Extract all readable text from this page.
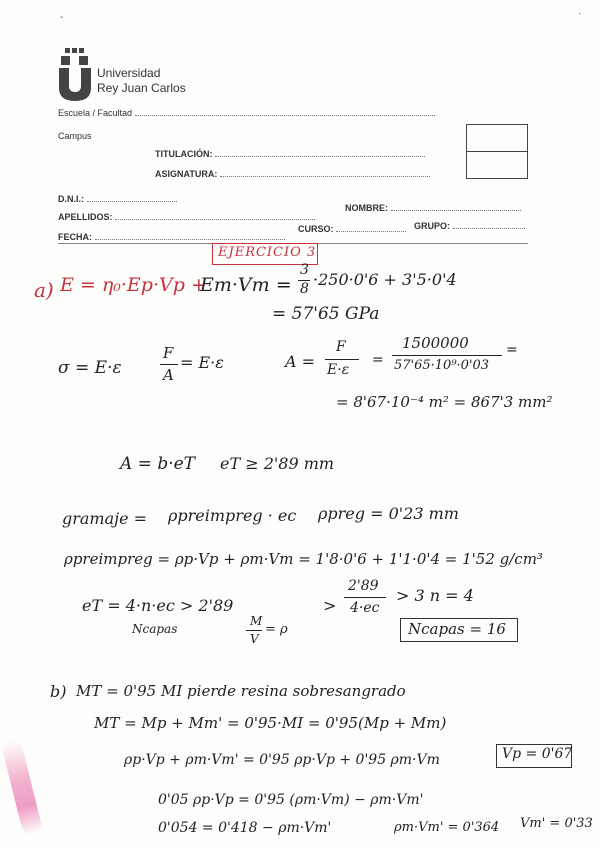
-	·
Universidad
Rey Juan Carlos
Escuela / Facultad
Campus
TITULACIÓN:
ASIGNATURA:
D.N.I.:
NOMBRE:
APELLIDOS:
CURSO:	GRUPO:
FECHA:
EJERCICIO 3
a) E = η₀·Ep·Vp +
Em·Vm =
3
8 ·250·0'6 + 3'5·0'4
= 57'65 GPa
σ = E·ε
F
A
= E·ε	A =
F
E·ε
=
1500000
57'65·10⁹·0'03
=
= 8'67·10⁻⁴ m² = 867'3 mm²
A = b·eT eT ≥ 2'89 mm
gramaje = ρpreimpreg · ec ρpreg = 0'23 mm
ρpreimpreg = ρp·Vp + ρm·Vm = 1'8·0'6 + 1'1·0'4 = 1'52 g/cm³
eT = 4·n·ec > 2'89
Ncapas
>
2'89
4·ec
> 3 n = 4
M
V
= ρ	Ncapas = 16
b) MT = 0'95 MI pierde resina sobresangrado
MT = Mp + Mm' = 0'95·MI = 0'95(Mp + Mm)
ρp·Vp + ρm·Vm' = 0'95 ρp·Vp + 0'95 ρm·Vm	Vp = 0'67
0'05 ρp·Vp = 0'95 (ρm·Vm) − ρm·Vm'
0'054 = 0'418 − ρm·Vm'	ρm·Vm' = 0'364 Vm' = 0'33
